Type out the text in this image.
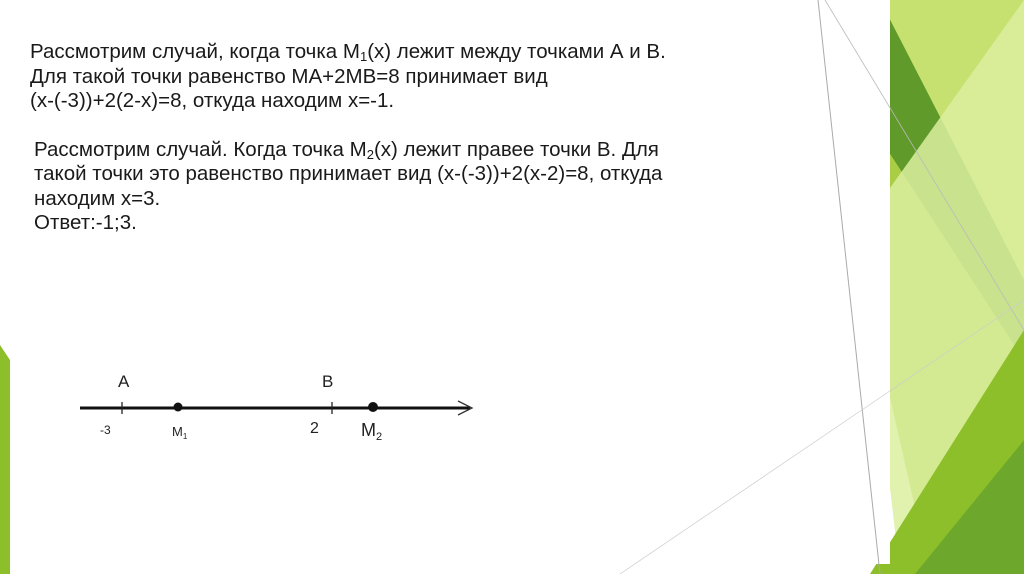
Рассмотрим случай, когда точка $М_1(х)$ лежит между точками А и В.
Для такой точки равенство МА+2МВ=8 принимает вид
(х-(-3))+2(2-х)=8, откуда находим х=-1.

Рассмотрим случай. Когда точка $М_2(х)$ лежит правее точки В. Для
такой точки это равенство принимает вид (х-(-3))+2(х-2)=8, откуда
находим х=3.
Ответ:-1;3.

A	B
-3	2
$M_1$	$M_2$
